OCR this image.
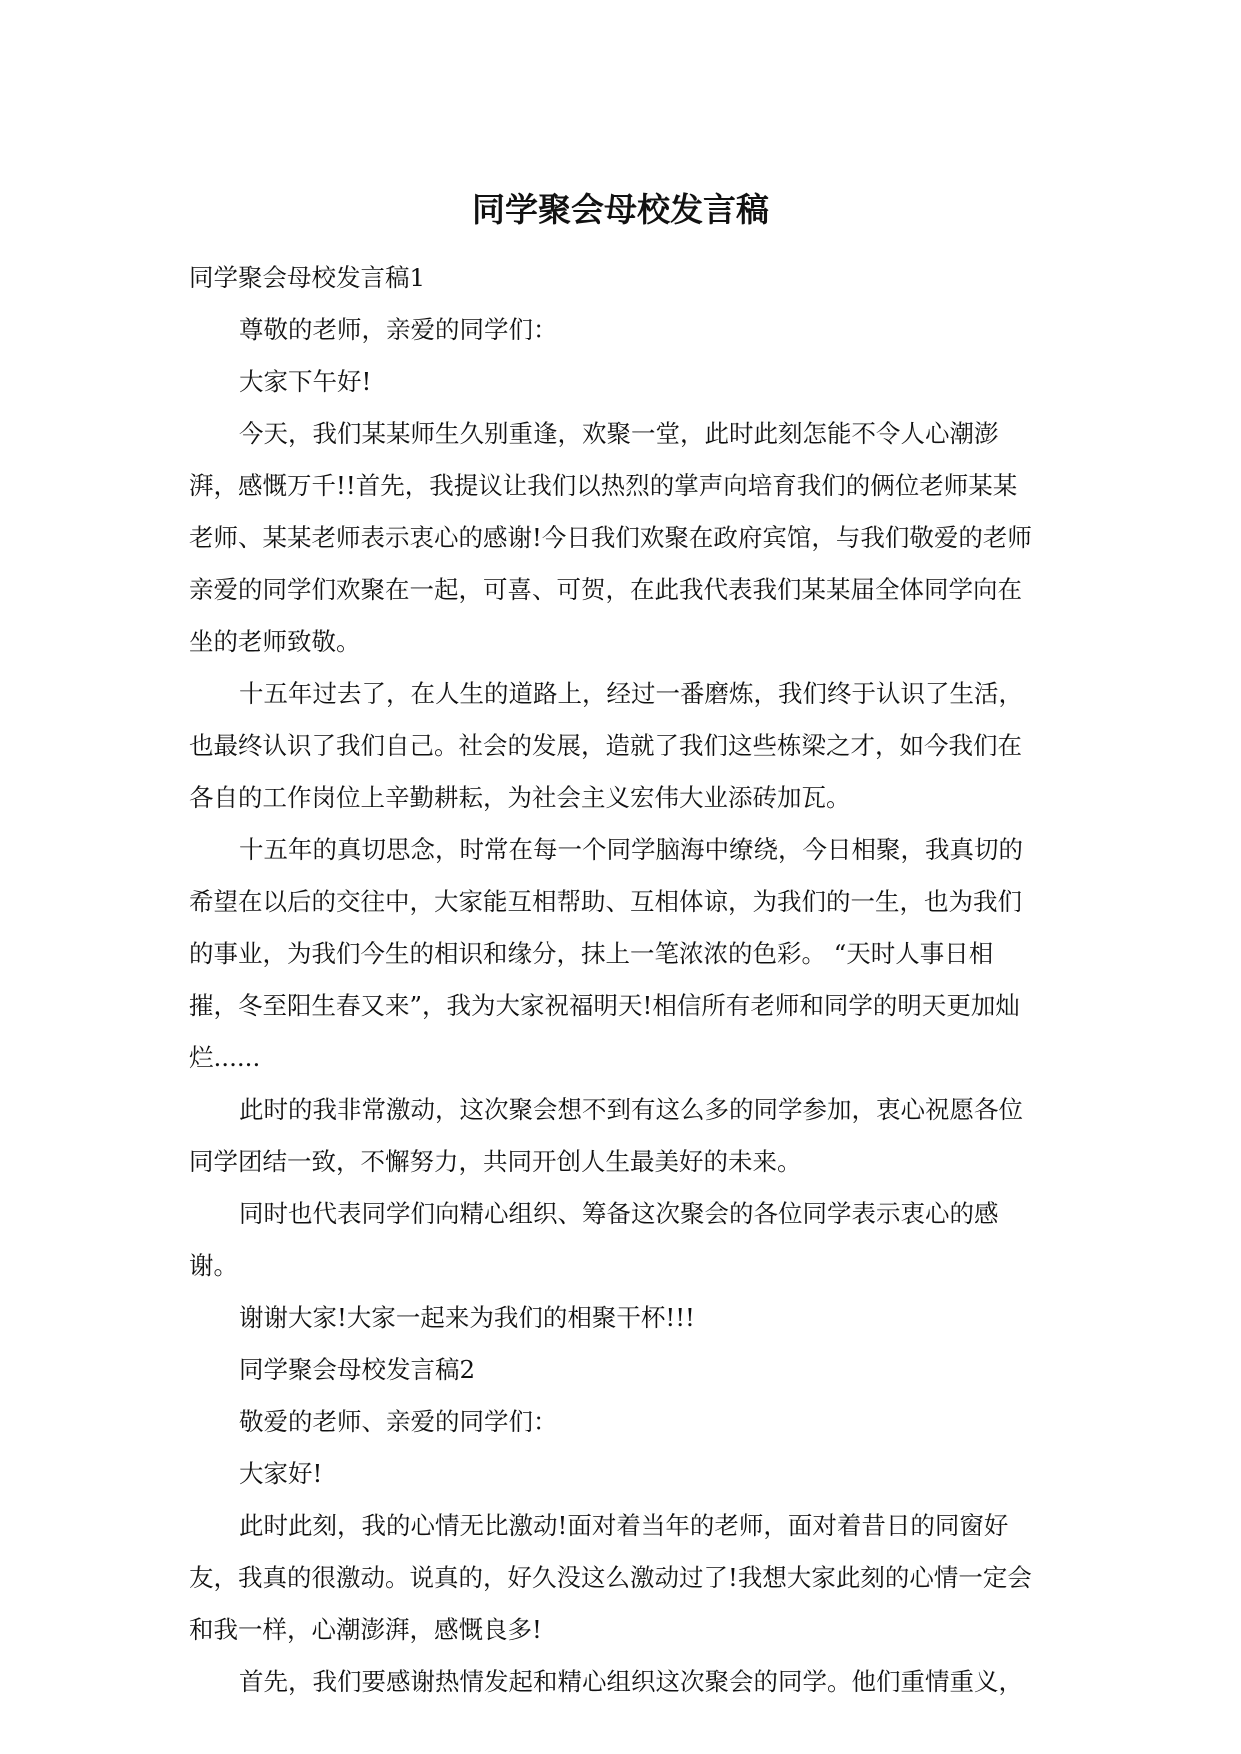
同学聚会母校发言稿
同学聚会母校发言稿1
尊敬的老师，亲爱的同学们：
大家下午好!
今天，我们某某师生久别重逢，欢聚一堂，此时此刻怎能不令人心潮澎
湃，感慨万千!!首先，我提议让我们以热烈的掌声向培育我们的俩位老师某某
老师、某某老师表示衷心的感谢!今日我们欢聚在政府宾馆，与我们敬爱的老师
亲爱的同学们欢聚在一起，可喜、可贺，在此我代表我们某某届全体同学向在
坐的老师致敬。
十五年过去了，在人生的道路上，经过一番磨炼，我们终于认识了生活，
也最终认识了我们自己。社会的发展，造就了我们这些栋梁之才，如今我们在
各自的工作岗位上辛勤耕耘，为社会主义宏伟大业添砖加瓦。
十五年的真切思念，时常在每一个同学脑海中缭绕，今日相聚，我真切的
希望在以后的交往中，大家能互相帮助、互相体谅，为我们的一生，也为我们
的事业，为我们今生的相识和缘分，抹上一笔浓浓的色彩。 “天时人事日相
摧，冬至阳生春又来”，我为大家祝福明天!相信所有老师和同学的明天更加灿
烂......
此时的我非常激动，这次聚会想不到有这么多的同学参加，衷心祝愿各位
同学团结一致，不懈努力，共同开创人生最美好的未来。
同时也代表同学们向精心组织、筹备这次聚会的各位同学表示衷心的感
谢。
谢谢大家!大家一起来为我们的相聚干杯!!!
同学聚会母校发言稿2
敬爱的老师、亲爱的同学们：
大家好!
此时此刻，我的心情无比激动!面对着当年的老师，面对着昔日的同窗好
友，我真的很激动。说真的，好久没这么激动过了!我想大家此刻的心情一定会
和我一样，心潮澎湃，感慨良多!
首先，我们要感谢热情发起和精心组织这次聚会的同学。他们重情重义，
